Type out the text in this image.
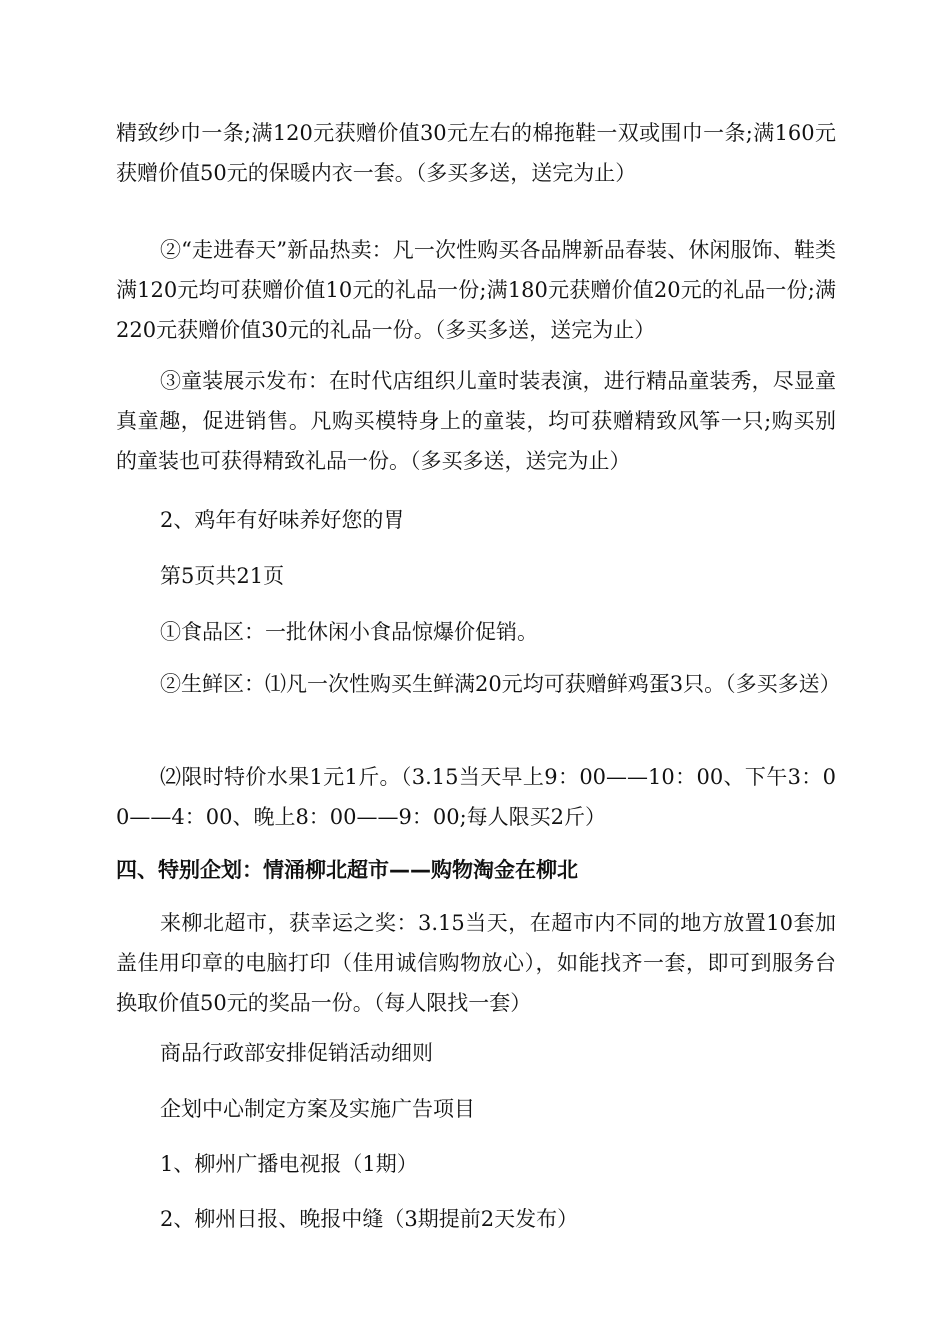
精致纱巾一条;满120元获赠价值30元左右的棉拖鞋一双或围巾一条;满160元获赠价值50元的保暖内衣一套。（多买多送，送完为止）

②“走进春天”新品热卖：凡一次性购买各品牌新品春装、休闲服饰、鞋类满120元均可获赠价值10元的礼品一份;满180元获赠价值20元的礼品一份;满220元获赠价值30元的礼品一份。（多买多送，送完为止）

③童装展示发布：在时代店组织儿童时装表演，进行精品童装秀，尽显童真童趣，促进销售。凡购买模特身上的童装，均可获赠精致风筝一只;购买别的童装也可获得精致礼品一份。（多买多送，送完为止）

2、鸡年有好味养好您的胃

第5页共21页

①食品区：一批休闲小食品惊爆价促销。

②生鲜区：⑴凡一次性购买生鲜满20元均可获赠鲜鸡蛋3只。（多买多送）

⑵限时特价水果1元1斤。（3.15当天早上9：00——10：00、下午3：00——4：00、晚上8：00——9：00;每人限买2斤）

四、特别企划：情涌柳北超市——购物淘金在柳北

来柳北超市，获幸运之奖：3.15当天，在超市内不同的地方放置10套加盖佳用印章的电脑打印（佳用诚信购物放心），如能找齐一套，即可到服务台换取价值50元的奖品一份。（每人限找一套）

商品行政部安排促销活动细则

企划中心制定方案及实施广告项目

1、柳州广播电视报（1期）

2、柳州日报、晚报中缝（3期提前2天发布）
